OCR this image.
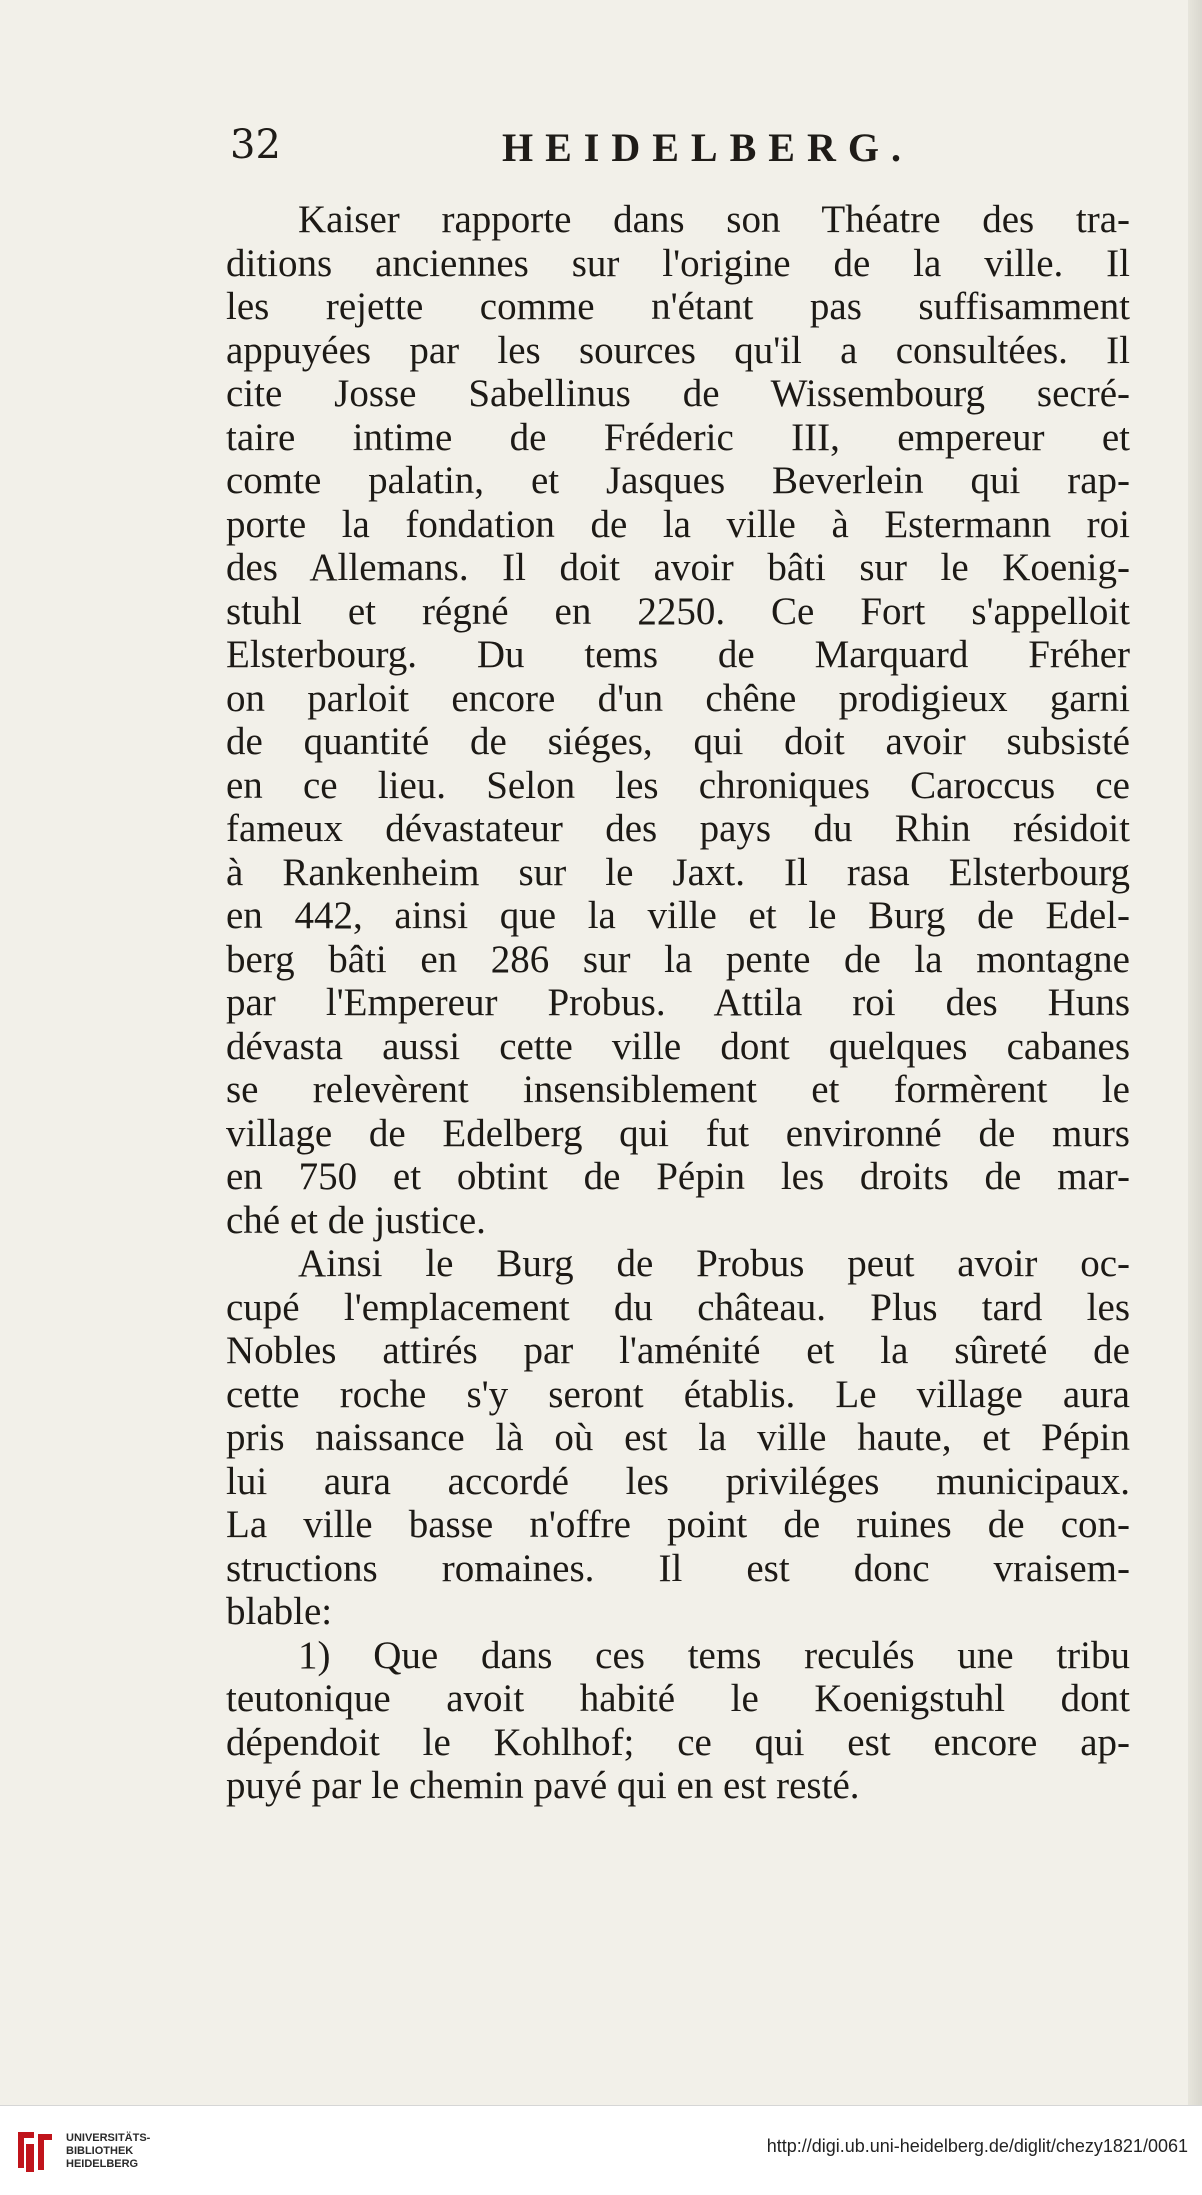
32	HEIDELBERG.
Kaiser rapporte dans son Théatre des tra-
ditions anciennes sur l'origine de la ville. Il
les rejette comme n'étant pas suffisamment
appuyées par les sources qu'il a consultées. Il
cite Josse Sabellinus de Wissembourg secré-
taire intime de Fréderic III, empereur et
comte palatin, et Jasques Beverlein qui rap-
porte la fondation de la ville à Estermann roi
des Allemans. Il doit avoir bâti sur le Koenig-
stuhl et régné en 2250. Ce Fort s'appelloit
Elsterbourg. Du tems de Marquard Fréher
on parloit encore d'un chêne prodigieux garni
de quantité de siéges, qui doit avoir subsisté
en ce lieu. Selon les chroniques Caroccus ce
fameux dévastateur des pays du Rhin résidoit
à Rankenheim sur le Jaxt. Il rasa Elsterbourg
en 442, ainsi que la ville et le Burg de Edel-
berg bâti en 286 sur la pente de la montagne
par l'Empereur Probus. Attila roi des Huns
dévasta aussi cette ville dont quelques cabanes
se relevèrent insensiblement et formèrent le
village de Edelberg qui fut environné de murs
en 750 et obtint de Pépin les droits de mar-
ché et de justice.
Ainsi le Burg de Probus peut avoir oc-
cupé l'emplacement du château. Plus tard les
Nobles attirés par l'aménité et la sûreté de
cette roche s'y seront établis. Le village aura
pris naissance là où est la ville haute, et Pépin
lui aura accordé les priviléges municipaux.
La ville basse n'offre point de ruines de con-
structions romaines. Il est donc vraisem-
blable:
1) Que dans ces tems reculés une tribu
teutonique avoit habité le Koenigstuhl dont
dépendoit le Kohlhof; ce qui est encore ap-
puyé par le chemin pavé qui en est resté.
UNIVERSITÄTS-
BIBLIOTHEK
HEIDELBERG
http://digi.ub.uni-heidelberg.de/diglit/chezy1821/0061
